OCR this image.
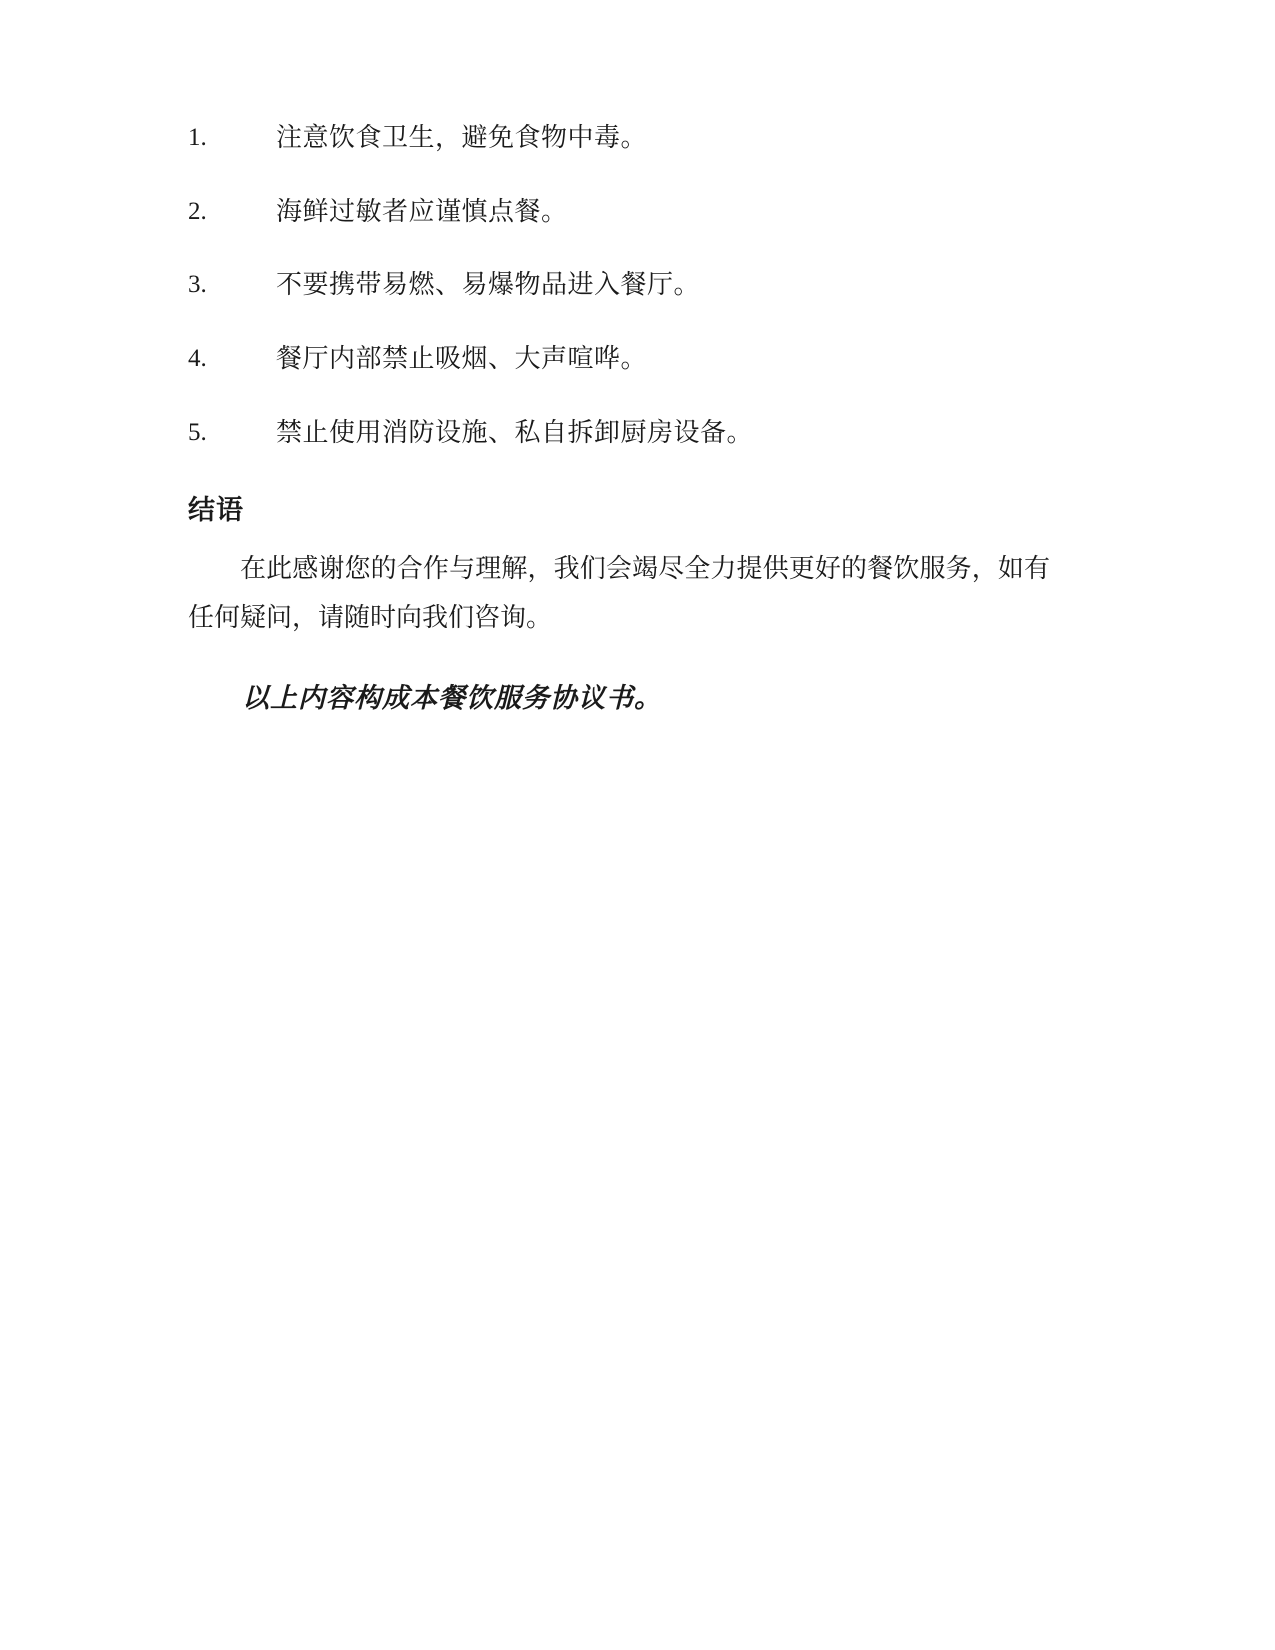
1.	注意饮食卫生，避免食物中毒。
2.	海鲜过敏者应谨慎点餐。
3.	不要携带易燃、易爆物品进入餐厅。
4.	餐厅内部禁止吸烟、大声喧哗。
5.	禁止使用消防设施、私自拆卸厨房设备。
结语

在此感谢您的合作与理解，我们会竭尽全力提供更好的餐饮服务，如有任何疑问，请随时向我们咨询。

以上内容构成本餐饮服务协议书。
